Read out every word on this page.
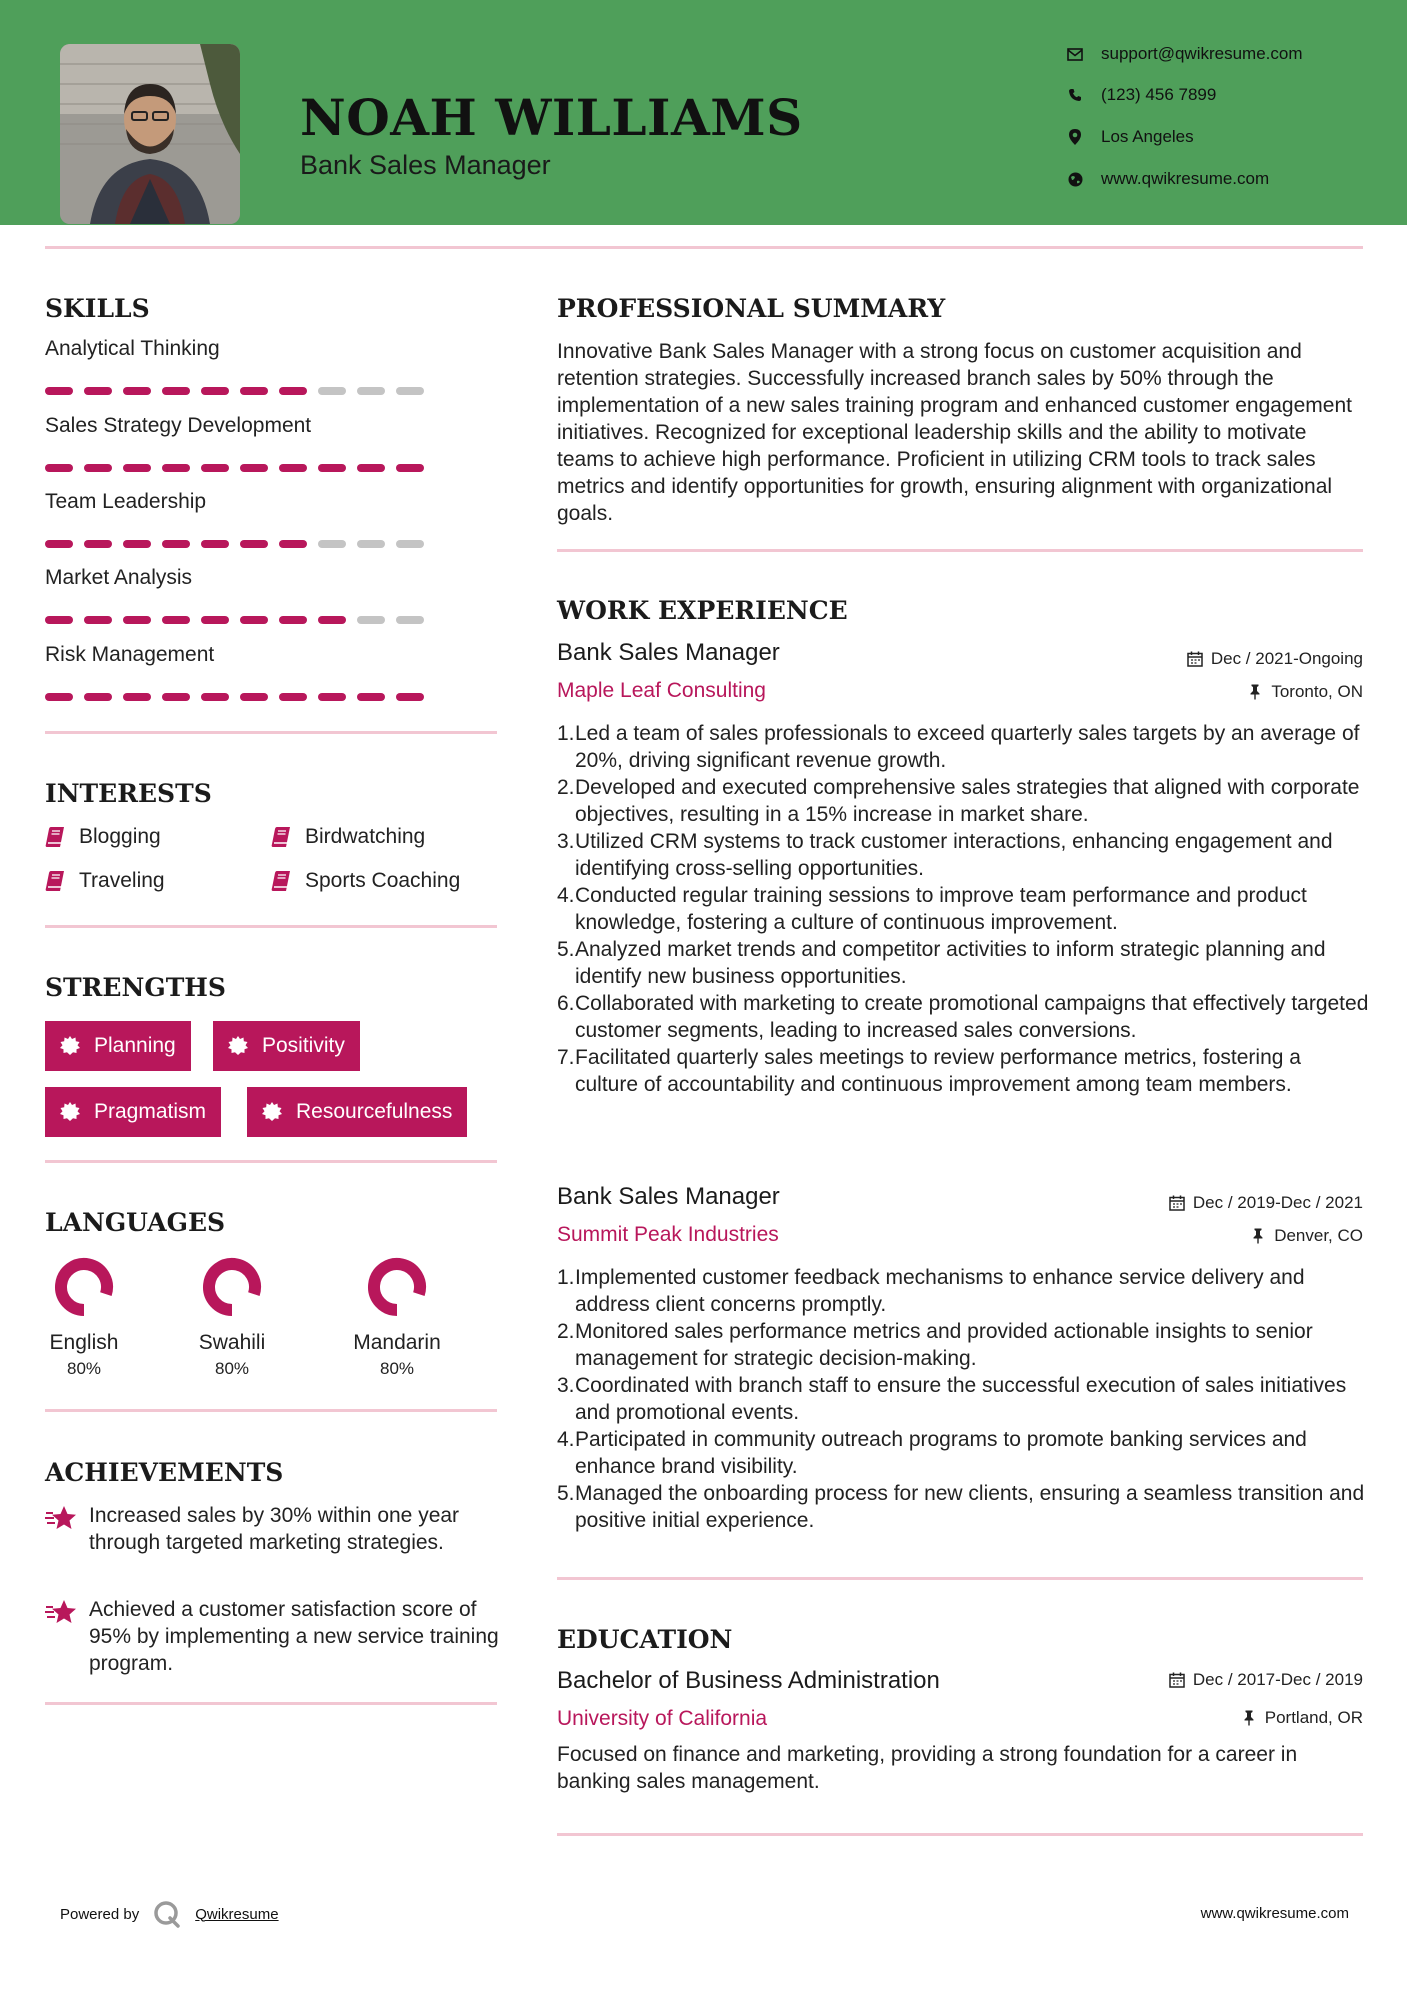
NOAH WILLIAMS
Bank Sales Manager
support@qwikresume.com
(123) 456 7899
Los Angeles
www.qwikresume.com
SKILLS
Analytical Thinking
Sales Strategy Development
Team Leadership
Market Analysis
Risk Management
INTERESTS
Blogging	Birdwatching
Traveling	Sports Coaching
STRENGTHS
Planning	Positivity
Pragmatism	Resourcefulness
LANGUAGES
English
80%
Swahili
80%
Mandarin
80%
ACHIEVEMENTS
Increased sales by 30% within one year through targeted marketing strategies.
Achieved a customer satisfaction score of 95% by implementing a new service training program.
PROFESSIONAL SUMMARY
Innovative Bank Sales Manager with a strong focus on customer acquisition and retention strategies. Successfully increased branch sales by 50% through the implementation of a new sales training program and enhanced customer engagement initiatives. Recognized for exceptional leadership skills and the ability to motivate teams to achieve high performance. Proficient in utilizing CRM tools to track sales metrics and identify opportunities for growth, ensuring alignment with organizational goals.
WORK EXPERIENCE
Bank Sales Manager	Dec / 2021-Ongoing
Maple Leaf Consulting	Toronto, ON
1. Led a team of sales professionals to exceed quarterly sales targets by an average of 20%, driving significant revenue growth.
2. Developed and executed comprehensive sales strategies that aligned with corporate objectives, resulting in a 15% increase in market share.
3. Utilized CRM systems to track customer interactions, enhancing engagement and identifying cross-selling opportunities.
4. Conducted regular training sessions to improve team performance and product knowledge, fostering a culture of continuous improvement.
5. Analyzed market trends and competitor activities to inform strategic planning and identify new business opportunities.
6. Collaborated with marketing to create promotional campaigns that effectively targeted customer segments, leading to increased sales conversions.
7. Facilitated quarterly sales meetings to review performance metrics, fostering a culture of accountability and continuous improvement among team members.
Bank Sales Manager	Dec / 2019-Dec / 2021
Summit Peak Industries	Denver, CO
1. Implemented customer feedback mechanisms to enhance service delivery and address client concerns promptly.
2. Monitored sales performance metrics and provided actionable insights to senior management for strategic decision-making.
3. Coordinated with branch staff to ensure the successful execution of sales initiatives and promotional events.
4. Participated in community outreach programs to promote banking services and enhance brand visibility.
5. Managed the onboarding process for new clients, ensuring a seamless transition and positive initial experience.
EDUCATION
Bachelor of Business Administration	Dec / 2017-Dec / 2019
University of California	Portland, OR
Focused on finance and marketing, providing a strong foundation for a career in banking sales management.
Powered by	Qwikresume	www.qwikresume.com
